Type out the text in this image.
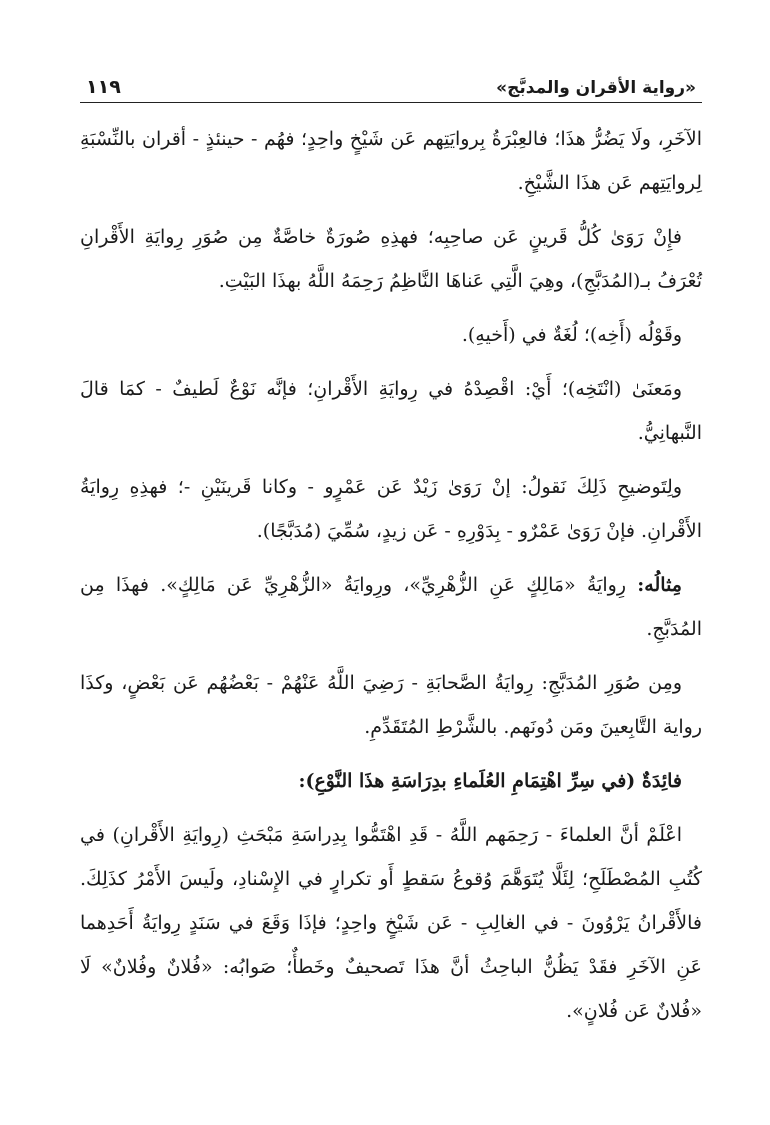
«رواية الأقران والمدبَّج»
١١٩

الآخَرِ، ولَا يَضُرُّ هذَا؛ فالعِبْرَةُ بِروايَتِهم عَن شَيْخٍ واحِدٍ؛ فهُم - حينئذٍ - أقران بالنِّسْبَةِ لِروايَتِهم عَن هذَا الشَّيْخِ.

فإِنْ رَوَىٰ كُلُّ قَرينٍ عَن صاحِبِه؛ فهذِهِ صُورَةٌ خاصَّةٌ مِن صُوَرِ رِوايَةِ الأَقْرانِ تُعْرَفُ بـ(المُدَبَّجِ)، وهِيَ الَّتِي عَناهَا النَّاظِمُ رَحِمَهُ اللَّهُ بهذَا البَيْتِ.

وقَوْلُه (أَخِه)؛ لُغَةٌ في (أَخيهِ).

ومَعنَىٰ (انْتَخِه)؛ أَيْ: اقْصِدْهُ في رِوايَةِ الأَقْرانِ؛ فإنَّه نَوْعٌ لَطيفٌ - كمَا قالَ النَّبهانِيُّ.

ولِتَوضيحِ ذَلِكَ نَقولُ: إنْ رَوَىٰ زَيْدٌ عَن عَمْرٍو - وكانا قَرينَيْنِ -؛ فهذِهِ رِوايَةُ الأَقْرانِ. فإنْ رَوَىٰ عَمْرٌو - بِدَوْرِهِ - عَن زيدٍ، سُمِّيَ (مُدَبَّجًا).

مِثالُه: رِوايَةُ «مَالِكٍ عَنِ الزُّهْرِيِّ»، ورِوايَةُ «الزُّهْرِيِّ عَن مَالِكٍ». فهذَا مِن المُدَبَّجِ.

ومِن صُوَرِ المُدَبَّجِ: رِوايَةُ الصَّحابَةِ - رَضِيَ اللَّهُ عَنْهُمْ - بَعْضُهُم عَن بَعْضٍ، وكذَا رواية التَّابِعينَ ومَن دُونَهم. بالشَّرْطِ المُتَقَدِّمِ.

فائِدَةٌ (في سِرِّ اهْتِمَامِ العُلَماءِ بدِرَاسَةِ هذَا النَّوْعِ):

اعْلَمْ أنَّ العلماءَ - رَحِمَهم اللَّهُ - قَدِ اهْتَمُّوا بِدِراسَةِ مَبْحَثِ (رِوايَةِ الأَقْرانِ) في كُتُبِ المُصْطَلَحِ؛ لِئَلَّا يُتَوَهَّمَ وُقوعُ سَقطٍ أَو تكرارٍ في الإِسْنادِ، ولَيسَ الأَمْرُ كذَلِكَ. فالأَقْرانُ يَرْوُونَ - في الغالِبِ - عَن شَيْخٍ واحِدٍ؛ فإذَا وَقَعَ في سَنَدٍ رِوايَةُ أَحَدِهما عَنِ الآخَرِ فقَدْ يَظُنُّ الباحِثُ أنَّ هذَا تَصحيفٌ وخَطأٌ؛ صَوابُه: «فُلانٌ وفُلانٌ» لَا «فُلانٌ عَن فُلانٍ».
